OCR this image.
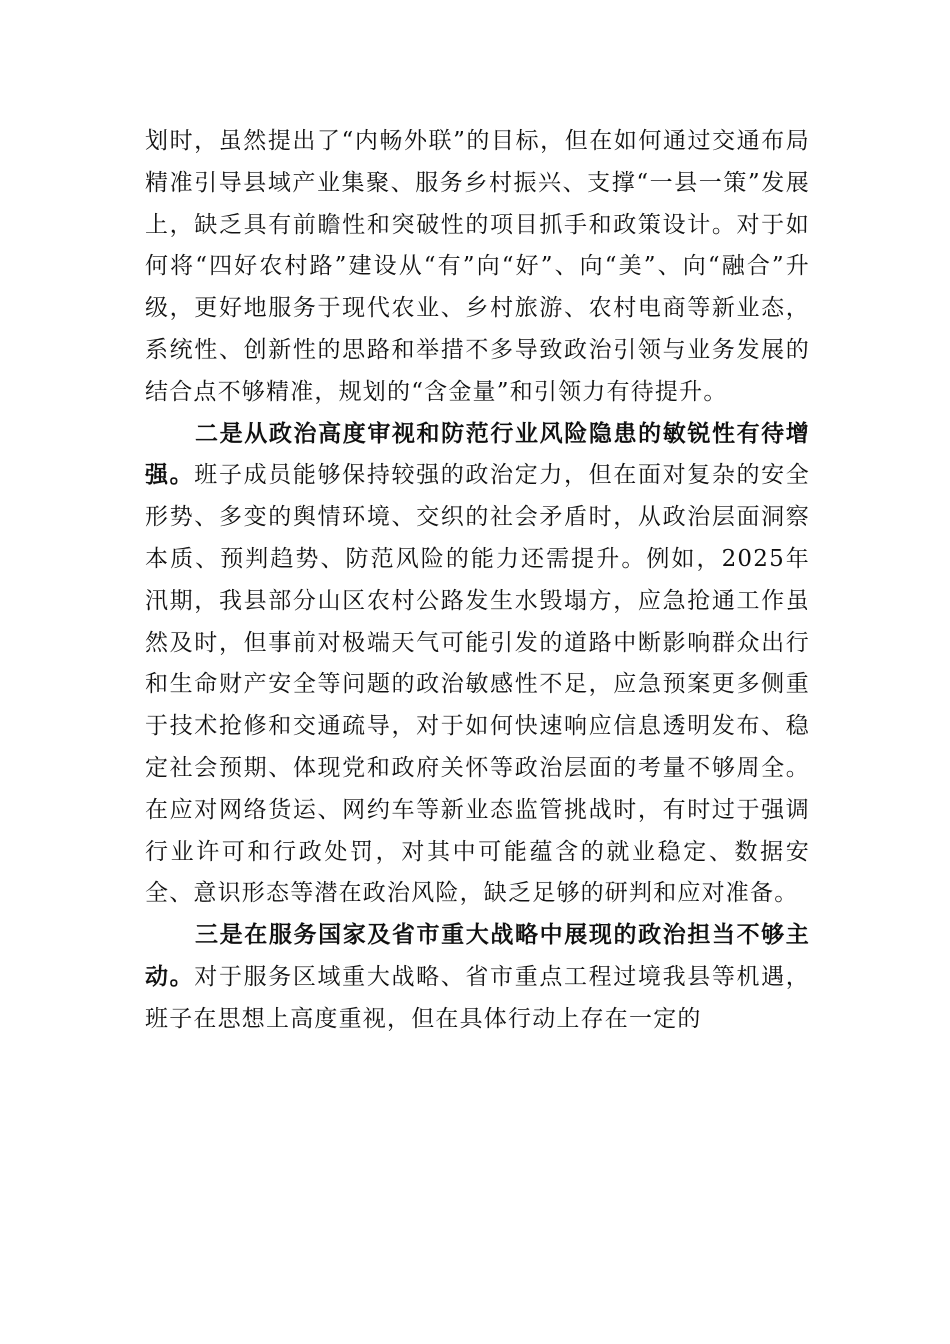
划时，虽然提出了“内畅外联”的目标，但在如何通过交通布局精准引导县域产业集聚、服务乡村振兴、支撑“一县一策”发展上，缺乏具有前瞻性和突破性的项目抓手和政策设计。对于如何将“四好农村路”建设从“有”向“好”、向“美”、向“融合”升级，更好地服务于现代农业、乡村旅游、农村电商等新业态，系统性、创新性的思路和举措不多导致政治引领与业务发展的结合点不够精准，规划的“含金量”和引领力有待提升。

二是从政治高度审视和防范行业风险隐患的敏锐性有待增强。班子成员能够保持较强的政治定力，但在面对复杂的安全形势、多变的舆情环境、交织的社会矛盾时，从政治层面洞察本质、预判趋势、防范风险的能力还需提升。例如，2025年汛期，我县部分山区农村公路发生水毁塌方，应急抢通工作虽然及时，但事前对极端天气可能引发的道路中断影响群众出行和生命财产安全等问题的政治敏感性不足，应急预案更多侧重于技术抢修和交通疏导，对于如何快速响应信息透明发布、稳定社会预期、体现党和政府关怀等政治层面的考量不够周全。在应对网络货运、网约车等新业态监管挑战时，有时过于强调行业许可和行政处罚，对其中可能蕴含的就业稳定、数据安全、意识形态等潜在政治风险，缺乏足够的研判和应对准备。

三是在服务国家及省市重大战略中展现的政治担当不够主动。对于服务区域重大战略、省市重点工程过境我县等机遇，班子在思想上高度重视，但在具体行动上存在一定的
